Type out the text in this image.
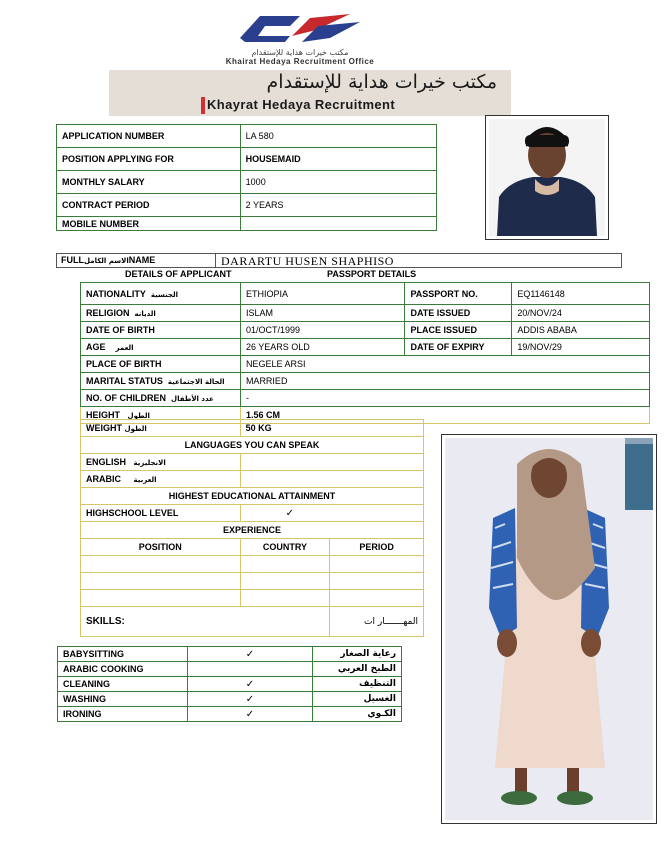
مكتب خيرات هداية للإستقدام
Khairat Hedaya Recruitment Office
مكتب خيرات هداية للإستقدام
Khayrat Hedaya Recruitment
APPLICATION NUMBER	LA 580
POSITION APPLYING FOR	HOUSEMAID
MONTHLY SALARY	1000
CONTRACT PERIOD	2 YEARS
MOBILE NUMBER	
FULLالاسم الكاملNAME	DARARTU HUSEN SHAPHISO
DETAILS OF APPLICANT	PASSPORT DETAILS
NATIONALITY الجنسية	ETHIOPIA	PASSPORT NO.	EQ1146148
RELIGION الديانه	ISLAM	DATE ISSUED	20/NOV/24
DATE OF BIRTH	01/OCT/1999	PLACE ISSUED	ADDIS ABABA
AGE العمر	26 YEARS OLD	DATE OF EXPIRY	19/NOV/29
PLACE OF BIRTH	NEGELE ARSI		
MARITAL STATUS الحالة الاجتماعية	MARRIED		
NO. OF CHILDREN عدد الأطفال	-		
HEIGHT الطول	1.56 CM		
WEIGHT الطول	50 KG
LANGUAGES YOU CAN SPEAK		
ENGLISH الانجليزية		
ARABIC العربية		
HIGHEST EDUCATIONAL ATTAINMENT		
HIGHSCHOOL LEVEL	✓	
EXPERIENCE		
POSITION	COUNTRY	PERIOD

SKILLS:		المهـــــــار ات
BABYSITTING	✓	رعاية الصغار
ARABIC COOKING		الطبخ العربي
CLEANING	✓	التنظيف
WASHING	✓	الغسيل
IRONING	✓	الكـوي
